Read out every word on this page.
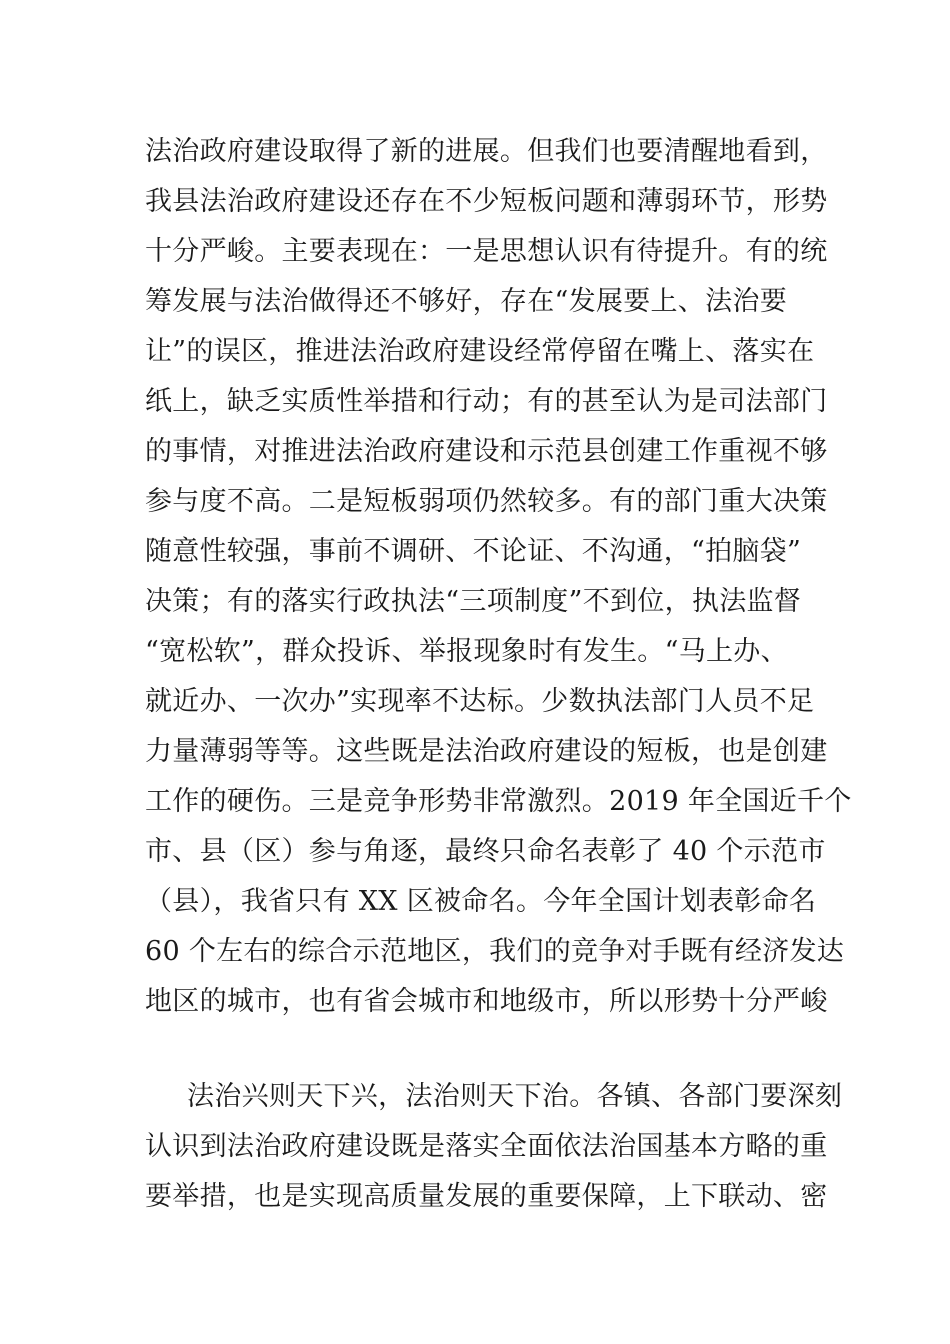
法治政府建设取得了新的进展。但我们也要清醒地看到，
我县法治政府建设还存在不少短板问题和薄弱环节，形势
十分严峻。主要表现在：一是思想认识有待提升。有的统
筹发展与法治做得还不够好，存在“发展要上、法治要
让”的误区，推进法治政府建设经常停留在嘴上、落实在
纸上，缺乏实质性举措和行动；有的甚至认为是司法部门
的事情，对推进法治政府建设和示范县创建工作重视不够
参与度不高。二是短板弱项仍然较多。有的部门重大决策
随意性较强，事前不调研、不论证、不沟通，“拍脑袋”
决策；有的落实行政执法“三项制度”不到位，执法监督
“宽松软”，群众投诉、举报现象时有发生。“马上办、
就近办、一次办”实现率不达标。少数执法部门人员不足
力量薄弱等等。这些既是法治政府建设的短板，也是创建
工作的硬伤。三是竞争形势非常激烈。2019 年全国近千个
市、县（区）参与角逐，最终只命名表彰了 40 个示范市
（县），我省只有 XX 区被命名。今年全国计划表彰命名
60 个左右的综合示范地区，我们的竞争对手既有经济发达
地区的城市，也有省会城市和地级市，所以形势十分严峻
法治兴则天下兴，法治则天下治。各镇、各部门要深刻
认识到法治政府建设既是落实全面依法治国基本方略的重
要举措，也是实现高质量发展的重要保障，上下联动、密
